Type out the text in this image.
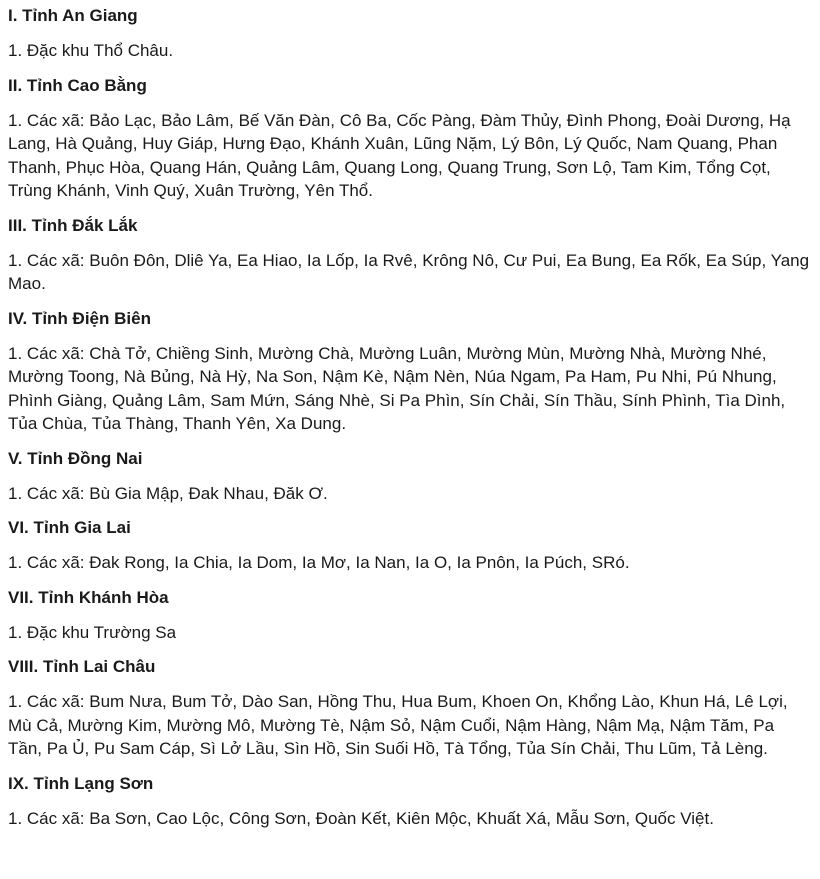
I. Tỉnh An Giang
1. Đặc khu Thổ Châu.
II. Tỉnh Cao Bằng
1. Các xã: Bảo Lạc, Bảo Lâm, Bế Văn Đàn, Cô Ba, Cốc Pàng, Đàm Thủy, Đình Phong, Đoài Dương, Hạ Lang, Hà Quảng, Huy Giáp, Hưng Đạo, Khánh Xuân, Lũng Nặm, Lý Bôn, Lý Quốc, Nam Quang, Phan Thanh, Phục Hòa, Quang Hán, Quảng Lâm, Quang Long, Quang Trung, Sơn Lộ, Tam Kim, Tổng Cọt, Trùng Khánh, Vinh Quý, Xuân Trường, Yên Thổ.
III. Tỉnh Đắk Lắk
1. Các xã: Buôn Đôn, Dliê Ya, Ea Hiao, Ia Lốp, Ia Rvê, Krông Nô, Cư Pui, Ea Bung, Ea Rốk, Ea Súp, Yang Mao.
IV. Tỉnh Điện Biên
1. Các xã: Chà Tở, Chiềng Sinh, Mường Chà, Mường Luân, Mường Mùn, Mường Nhà, Mường Nhé, Mường Toong, Nà Bủng, Nà Hỳ, Na Son, Nậm Kè, Nậm Nèn, Núa Ngam, Pa Ham, Pu Nhi, Pú Nhung, Phình Giàng, Quảng Lâm, Sam Mứn, Sáng Nhè, Si Pa Phìn, Sín Chải, Sín Thầu, Sính Phình, Tìa Dình, Tủa Chùa, Tủa Thàng, Thanh Yên, Xa Dung.
V. Tỉnh Đồng Nai
1. Các xã: Bù Gia Mập, Đak Nhau, Đăk Ơ.
VI. Tỉnh Gia Lai
1. Các xã: Đak Rong, Ia Chia, Ia Dom, Ia Mơ, Ia Nan, Ia O, Ia Pnôn, Ia Púch, SRó.
VII. Tỉnh Khánh Hòa
1. Đặc khu Trường Sa
VIII. Tỉnh Lai Châu
1. Các xã: Bum Nưa, Bum Tở, Dào San, Hồng Thu, Hua Bum, Khoen On, Khổng Lào, Khun Há, Lê Lợi, Mù Cả, Mường Kim, Mường Mô, Mường Tè, Nậm Sỏ, Nậm Cuổi, Nậm Hàng, Nậm Mạ, Nậm Tăm, Pa Tần, Pa Ủ, Pu Sam Cáp, Sì Lở Lầu, Sìn Hồ, Sin Suối Hồ, Tà Tổng, Tủa Sín Chải, Thu Lũm, Tả Lèng.
IX. Tỉnh Lạng Sơn
1. Các xã: Ba Sơn, Cao Lộc, Công Sơn, Đoàn Kết, Kiên Mộc, Khuất Xá, Mẫu Sơn, Quốc Việt.
